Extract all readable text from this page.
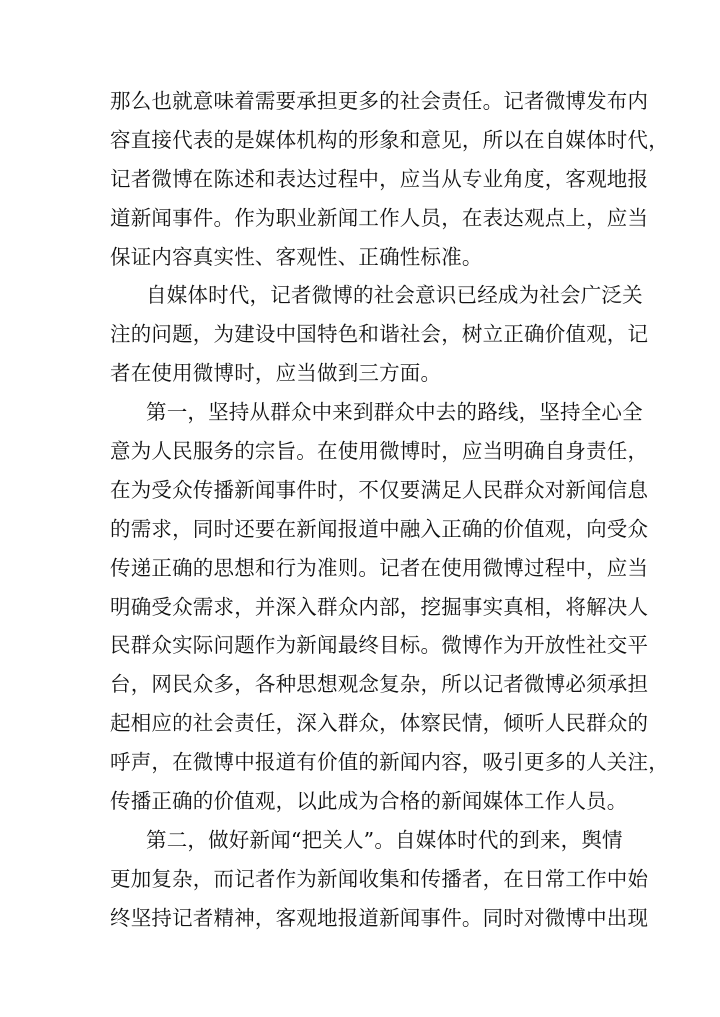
那么也就意味着需要承担更多的社会责任。记者微博发布内
容直接代表的是媒体机构的形象和意见，所以在自媒体时代，
记者微博在陈述和表达过程中，应当从专业角度，客观地报
道新闻事件。作为职业新闻工作人员，在表达观点上，应当
保证内容真实性、客观性、正确性标准。
自媒体时代，记者微博的社会意识已经成为社会广泛关
注的问题，为建设中国特色和谐社会，树立正确价值观，记
者在使用微博时，应当做到三方面。
第一，坚持从群众中来到群众中去的路线，坚持全心全
意为人民服务的宗旨。在使用微博时，应当明确自身责任，
在为受众传播新闻事件时，不仅要满足人民群众对新闻信息
的需求，同时还要在新闻报道中融入正确的价值观，向受众
传递正确的思想和行为准则。记者在使用微博过程中，应当
明确受众需求，并深入群众内部，挖掘事实真相，将解决人
民群众实际问题作为新闻最终目标。微博作为开放性社交平
台，网民众多，各种思想观念复杂，所以记者微博必须承担
起相应的社会责任，深入群众，体察民情，倾听人民群众的
呼声，在微博中报道有价值的新闻内容，吸引更多的人关注，
传播正确的价值观，以此成为合格的新闻媒体工作人员。
第二，做好新闻“把关人”。自媒体时代的到来，舆情
更加复杂，而记者作为新闻收集和传播者，在日常工作中始
终坚持记者精神，客观地报道新闻事件。同时对微博中出现
